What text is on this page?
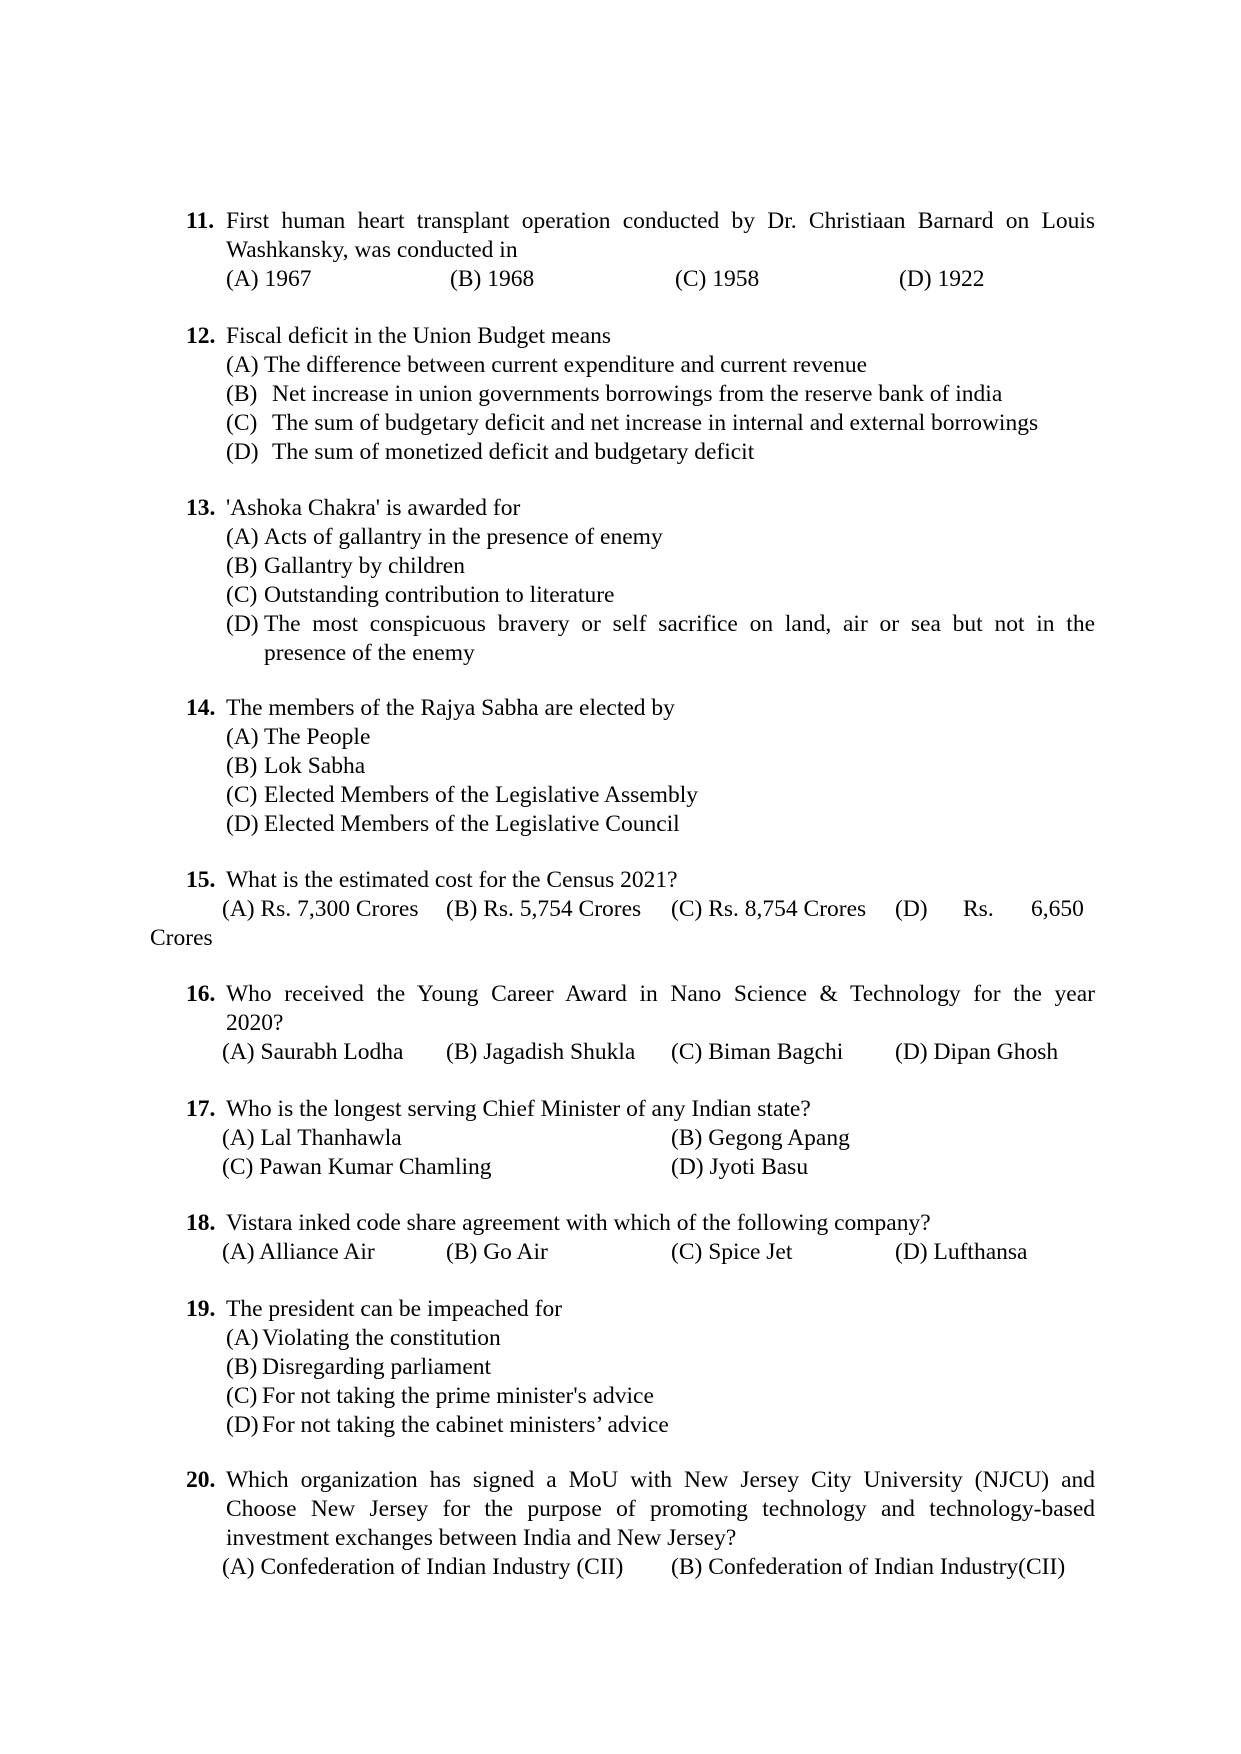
11. First human heart transplant operation conducted by Dr. Christiaan Barnard on Louis
Washkansky, was conducted in
(A) 1967	(B) 1968	(C) 1958	(D) 1922
12. Fiscal deficit in the Union Budget means
(A) The difference between current expenditure and current revenue
(B) Net increase in union governments borrowings from the reserve bank of india
(C) The sum of budgetary deficit and net increase in internal and external borrowings
(D) The sum of monetized deficit and budgetary deficit
13. 'Ashoka Chakra' is awarded for
(A) Acts of gallantry in the presence of enemy
(B) Gallantry by children
(C) Outstanding contribution to literature
(D) The most conspicuous bravery or self sacrifice on land, air or sea but not in the
presence of the enemy
14. The members of the Rajya Sabha are elected by
(A) The People
(B) Lok Sabha
(C) Elected Members of the Legislative Assembly
(D) Elected Members of the Legislative Council
15. What is the estimated cost for the Census 2021?
(A) Rs. 7,300 Crores (B) Rs. 5,754 Crores (C) Rs. 8,754 Crores (D) Rs. 6,650
Crores
16. Who received the Young Career Award in Nano Science & Technology for the year
2020?
(A) Saurabh Lodha (B) Jagadish Shukla (C) Biman Bagchi (D) Dipan Ghosh
17. Who is the longest serving Chief Minister of any Indian state?
(A) Lal Thanhawla	(B) Gegong Apang
(C) Pawan Kumar Chamling	(D) Jyoti Basu
18. Vistara inked code share agreement with which of the following company?
(A) Alliance Air	(B) Go Air	(C) Spice Jet	(D) Lufthansa
19. The president can be impeached for
(A) Violating the constitution
(B) Disregarding parliament
(C) For not taking the prime minister's advice
(D) For not taking the cabinet ministers’ advice
20. Which organization has signed a MoU with New Jersey City University (NJCU) and
Choose New Jersey for the purpose of promoting technology and technology-based
investment exchanges between India and New Jersey?
(A) Confederation of Indian Industry (CII) (B) Confederation of Indian Industry(CII)
